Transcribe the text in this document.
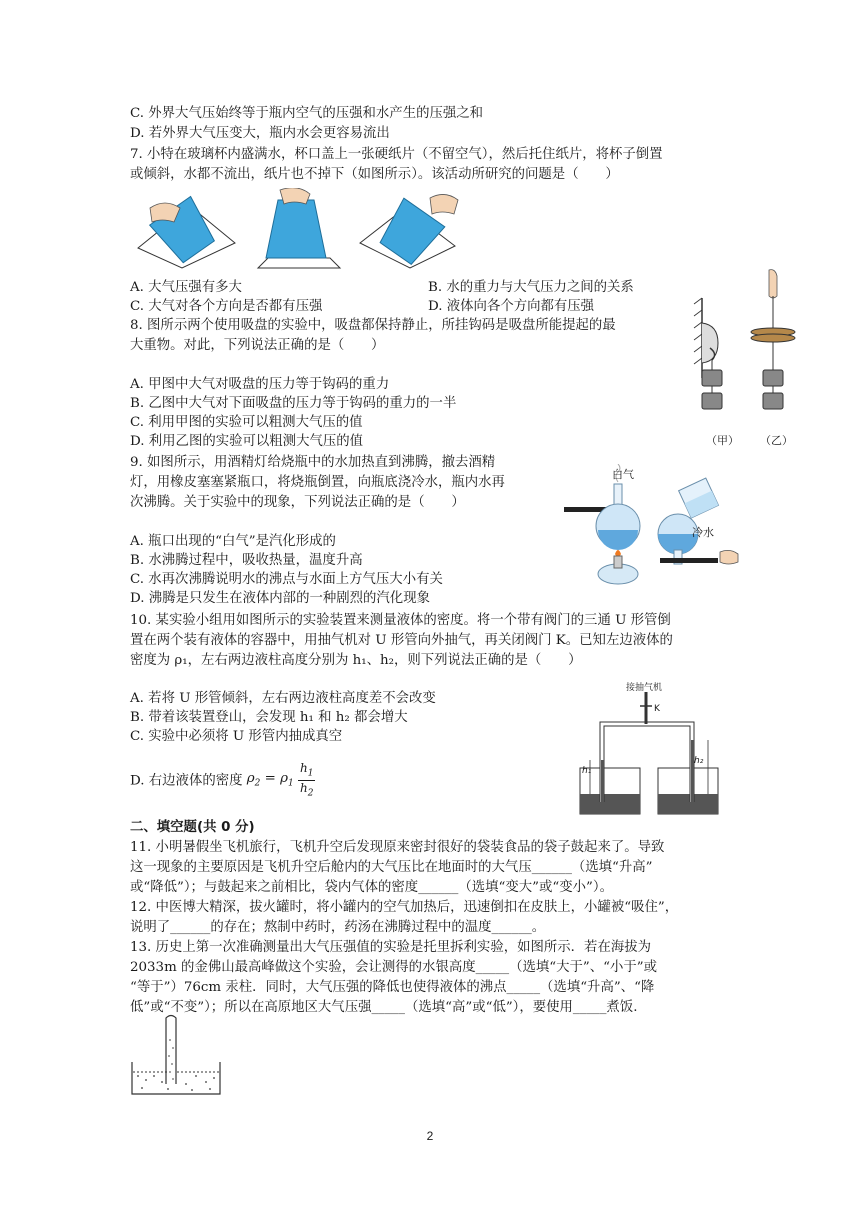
C. 外界大气压始终等于瓶内空气的压强和水产生的压强之和
D. 若外界大气压变大，瓶内水会更容易流出
7. 小特在玻璃杯内盛满水，杯口盖上一张硬纸片（不留空气），然后托住纸片，将杯子倒置
或倾斜，水都不流出，纸片也不掉下（如图所示）。该活动所研究的问题是（　　）
A. 大气压强有多大	B. 水的重力与大气压力之间的关系
C. 大气对各个方向是否都有压强	D. 液体向各个方向都有压强
8. 图所示两个使用吸盘的实验中，吸盘都保持静止，所挂钩码是吸盘所能提起的最
大重物。对此，下列说法正确的是（　　）
A. 甲图中大气对吸盘的压力等于钩码的重力
B. 乙图中大气对下面吸盘的压力等于钩码的重力的一半
C. 利用甲图的实验可以粗测大气压的值
D. 利用乙图的实验可以粗测大气压的值	（甲） （乙）
9. 如图所示，用酒精灯给烧瓶中的水加热直到沸腾，撤去酒精
灯，用橡皮塞塞紧瓶口，将烧瓶倒置，向瓶底浇冷水，瓶内水再
次沸腾。关于实验中的现象，下列说法正确的是（　　）
A. 瓶口出现的“白气”是汽化形成的
B. 水沸腾过程中，吸收热量，温度升高
C. 水再次沸腾说明水的沸点与水面上方气压大小有关
D. 沸腾是只发生在液体内部的一种剧烈的汽化现象
白气
冷水
10. 某实验小组用如图所示的实验装置来测量液体的密度。将一个带有阀门的三通 U 形管倒
置在两个装有液体的容器中，用抽气机对 U 形管向外抽气，再关闭阀门 K。已知左边液体的
密度为 ρ₁，左右两边液柱高度分别为 h₁、h₂，则下列说法正确的是（　　）
A. 若将 U 形管倾斜，左右两边液柱高度差不会改变
B. 带着该装置登山，会发现 h₁ 和 h₂ 都会增大
C. 实验中必须将 U 形管内抽成真空
D. 右边液体的密度 $\rho_2 = \rho_1 \frac{h_1}{h_2}$
接抽气机
K
h₁
h₂
二、填空题(共 0 分)
11. 小明暑假坐飞机旅行，飞机升空后发现原来密封很好的袋装食品的袋子鼓起来了。导致
这一现象的主要原因是飞机升空后舱内的大气压比在地面时的大气压______（选填“升高”
或“降低”）；与鼓起来之前相比，袋内气体的密度______（选填“变大”或“变小”）。
12. 中医博大精深，拔火罐时，将小罐内的空气加热后，迅速倒扣在皮肤上，小罐被“吸住”，
说明了______的存在；熬制中药时，药汤在沸腾过程中的温度______。
13. 历史上第一次准确测量出大气压强值的实验是托里拆利实验，如图所示．若在海拔为
2033m 的金佛山最高峰做这个实验，会让测得的水银高度_____（选填“大于”、“小于”或
“等于”）76cm 汞柱．同时，大气压强的降低也使得液体的沸点_____（选填“升高”、“降
低”或“不变”）；所以在高原地区大气压强_____（选填“高”或“低”），要使用_____煮饭.
2
